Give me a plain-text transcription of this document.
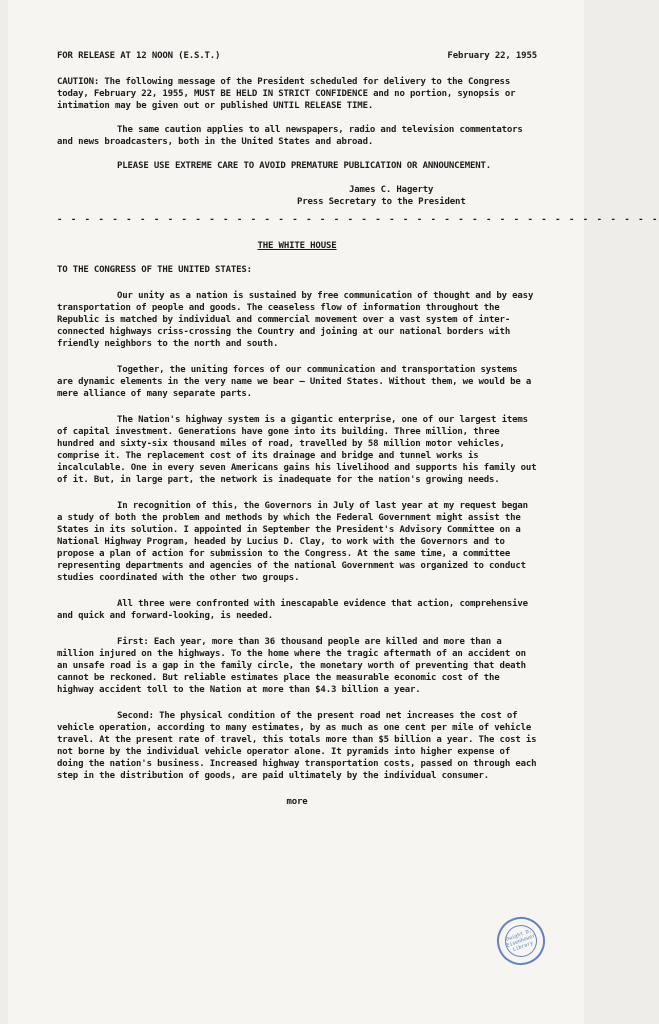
FOR RELEASE AT 12 NOON (E.S.T.)	February 22, 1955

CAUTION: The following message of the President scheduled for delivery to the Congress today, February 22, 1955, MUST BE HELD IN STRICT CONFIDENCE and no portion, synopsis or intimation may be given out or published UNTIL RELEASE TIME.

The same caution applies to all newspapers, radio and television commentators and news broadcasters, both in the United States and abroad.

PLEASE USE EXTREME CARE TO AVOID PREMATURE PUBLICATION OR ANNOUNCEMENT.

James C. Hagerty
Press Secretary to the President
- - - - - - - - - - - - - - - - - - - - - - - - - - - - - - - - - - - - - - - - - - - -
THE WHITE HOUSE

TO THE CONGRESS OF THE UNITED STATES:

Our unity as a nation is sustained by free communication of thought and by easy transportation of people and goods. The ceaseless flow of information throughout the Republic is matched by individual and commercial movement over a vast system of inter-connected highways criss-crossing the Country and joining at our national borders with friendly neighbors to the north and south.

Together, the uniting forces of our communication and transportation systems are dynamic elements in the very name we bear — United States. Without them, we would be a mere alliance of many separate parts.

The Nation's highway system is a gigantic enterprise, one of our largest items of capital investment. Generations have gone into its building. Three million, three hundred and sixty-six thousand miles of road, travelled by 58 million motor vehicles, comprise it. The replacement cost of its drainage and bridge and tunnel works is incalculable. One in every seven Americans gains his livelihood and supports his family out of it. But, in large part, the network is inadequate for the nation's growing needs.

In recognition of this, the Governors in July of last year at my request began a study of both the problem and methods by which the Federal Government might assist the States in its solution. I appointed in September the President's Advisory Committee on a National Highway Program, headed by Lucius D. Clay, to work with the Governors and to propose a plan of action for submission to the Congress. At the same time, a committee representing departments and agencies of the national Government was organized to conduct studies coordinated with the other two groups.

All three were confronted with inescapable evidence that action, comprehensive and quick and forward-looking, is needed.

First: Each year, more than 36 thousand people are killed and more than a million injured on the highways. To the home where the tragic aftermath of an accident on an unsafe road is a gap in the family circle, the monetary worth of preventing that death cannot be reckoned. But reliable estimates place the measurable economic cost of the highway accident toll to the Nation at more than $4.3 billion a year.

Second: The physical condition of the present road net increases the cost of vehicle operation, according to many estimates, by as much as one cent per mile of vehicle travel. At the present rate of travel, this totals more than $5 billion a year. The cost is not borne by the individual vehicle operator alone. It pyramids into higher expense of doing the nation's business. Increased highway transportation costs, passed on through each step in the distribution of goods, are paid ultimately by the individual consumer.

more
Dwight D. Eisenhower Library
